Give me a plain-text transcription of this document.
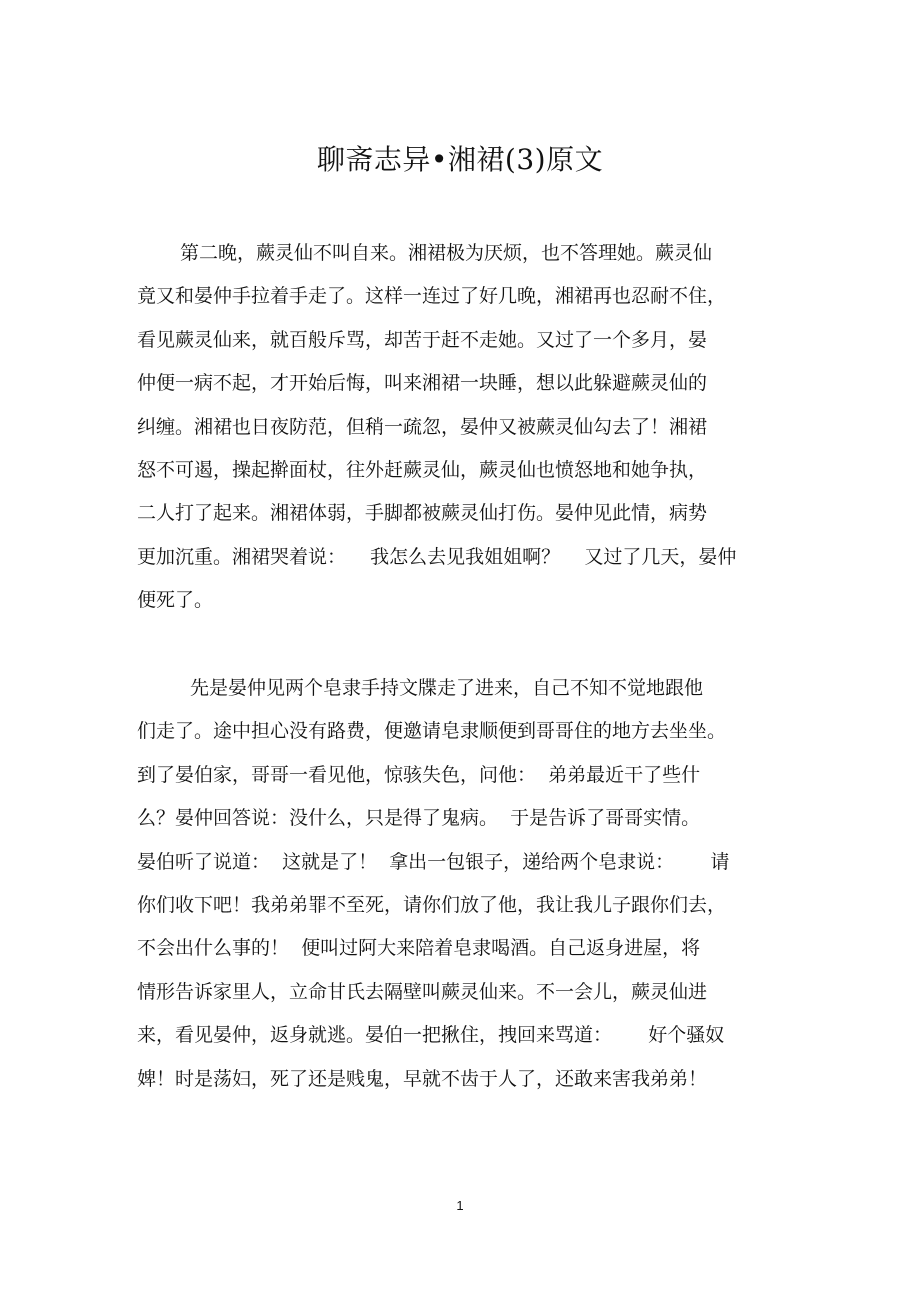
聊斋志异•湘裙(3)原文
第二晚，蕨灵仙不叫自来。湘裙极为厌烦，也不答理她。蕨灵仙
竟又和晏仲手拉着手走了。这样一连过了好几晚，湘裙再也忍耐不住，
看见蕨灵仙来，就百般斥骂，却苦于赶不走她。又过了一个多月，晏
仲便一病不起，才开始后悔，叫来湘裙一块睡，想以此躲避蕨灵仙的
纠缠。湘裙也日夜防范，但稍一疏忽，晏仲又被蕨灵仙勾去了！湘裙
怒不可遏，操起擀面杖，往外赶蕨灵仙，蕨灵仙也愤怒地和她争执，
二人打了起来。湘裙体弱，手脚都被蕨灵仙打伤。晏仲见此情，病势
更加沉重。湘裙哭着说：    我怎么去见我姐姐啊？    又过了几天，晏仲
便死了。
先是晏仲见两个皂隶手持文牒走了进来，自己不知不觉地跟他
们走了。途中担心没有路费，便邀请皂隶顺便到哥哥住的地方去坐坐。
到了晏伯家，哥哥一看见他，惊骇失色，问他：  弟弟最近干了些什
么？晏仲回答说：没什么，只是得了鬼病。  于是告诉了哥哥实情。
晏伯听了说道：  这就是了！  拿出一包银子，递给两个皂隶说：      请
你们收下吧！我弟弟罪不至死，请你们放了他，我让我儿子跟你们去，
不会出什么事的！  便叫过阿大来陪着皂隶喝酒。自己返身进屋，将
情形告诉家里人，立命甘氏去隔壁叫蕨灵仙来。不一会儿，蕨灵仙进
来，看见晏仲，返身就逃。晏伯一把揪住，拽回来骂道：      好个骚奴
婢！时是荡妇，死了还是贱鬼，早就不齿于人了，还敢来害我弟弟！
1
